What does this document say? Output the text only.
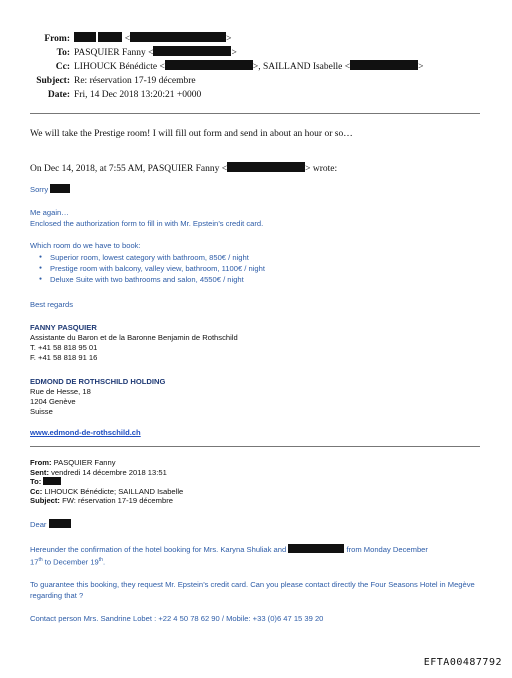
From:	<	>
To: PASQUIER Fanny <	>
Cc: LIHOUCK Bénédicte <	>, SAILLAND Isabelle <	>
Subject: Re: réservation 17-19 décembre
Date: Fri, 14 Dec 2018 13:20:21 +0000
We will take the Prestige room! I will fill out form and send in about an hour or so…
On Dec 14, 2018, at 7:55 AM, PASQUIER Fanny <	> wrote:
Sorry
Me again…
Enclosed the authorization form to fill in with Mr. Epstein’s credit card.
Which room do we have to book:
● Superior room, lowest category with bathroom, 850€ / night
● Prestige room with balcony, valley view, bathroom, 1100€ / night
● Deluxe Suite with two bathrooms and salon, 4550€ / night
Best regards
FANNY PASQUIER
Assistante du Baron et de la Baronne Benjamin de Rothschild
T. +41 58 818 95 01
F. +41 58 818 91 16
EDMOND DE ROTHSCHILD HOLDING
Rue de Hesse, 18
1204 Genève
Suisse
www.edmond-de-rothschild.ch
From: PASQUIER Fanny
Sent: vendredi 14 décembre 2018 13:51
To:
Cc: LIHOUCK Bénédicte; SAILLAND Isabelle
Subject: FW: réservation 17-19 décembre
Dear
Hereunder the confirmation of the hotel booking for Mrs. Karyna Shuliak and	from Monday December
17th to December 19th.
To guarantee this booking, they request Mr. Epstein’s credit card. Can you please contact directly the Four Seasons Hotel in Megève regarding that ?
Contact person Mrs. Sandrine Lobet : +22 4 50 78 62 90 / Mobile: +33 (0)6 47 15 39 20
EFTA00487792
